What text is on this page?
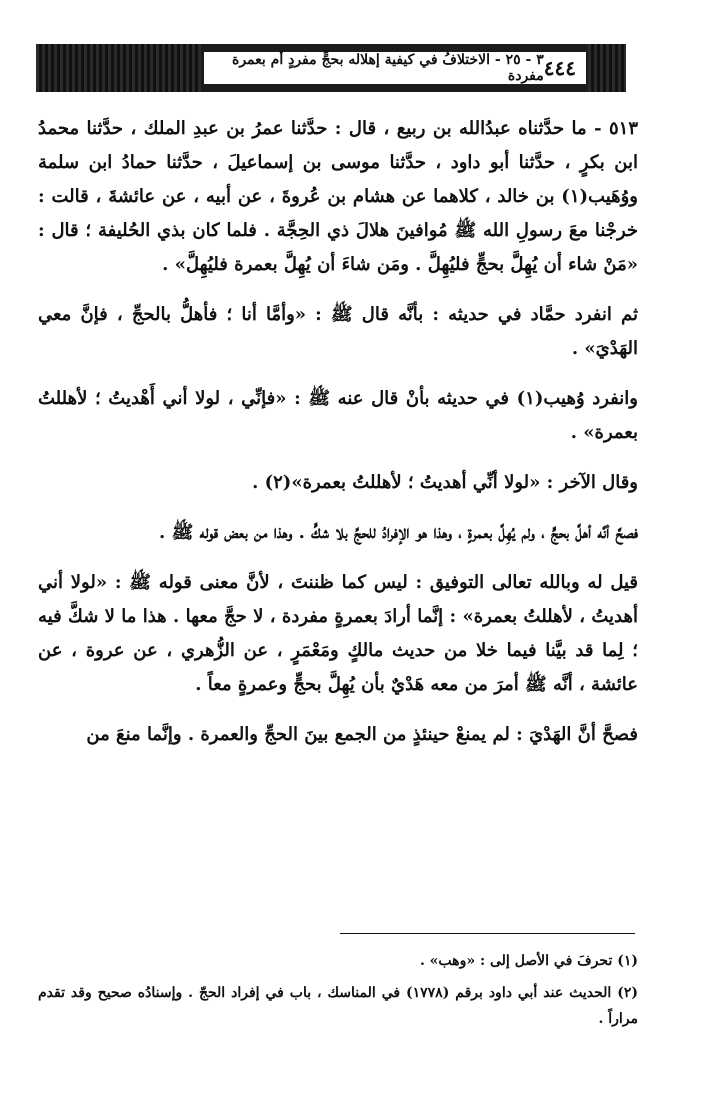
٤٤٤
٣ - ٢٥ - الاختلافُ في كيفية إهلاله بحجٍّ مفردٍ أم بعمرة مفردة

٥١٣ - ما حدَّثناه عبدُالله بن ربيع ، قال : حدَّثنا عمرُ بن عبدِ الملك ، حدَّثنا محمدُ ابن بكرٍ ، حدَّثنا أبو داود ، حدَّثنا موسى بن إسماعيلَ ، حدَّثنا حمادُ ابن سلمة ووُهَيب(١) بن خالد ، كلاهما عن هشام بن عُروةَ ، عن أبيه ، عن عائشةَ ، قالت : خرجْنا معَ رسولِ الله ﷺ مُوافينَ هلالَ ذي الحِجَّة . فلما كان بذي الحُليفة ؛ قال : «مَنْ شاء أن يُهِلَّ بحجٍّ فليُهِلَّ . ومَن شاءَ أن يُهِلَّ بعمرة فليُهِلَّ» .

ثم انفرد حمَّاد في حديثه : بأنَّه قال ﷺ : «وأمَّا أنا ؛ فأهلُّ بالحجِّ ، فإنَّ معي الهَدْيَ» .

وانفرد وُهيب(١) في حديثه بأنْ قال عنه ﷺ : «فإنِّي ، لولا أني أَهْديتُ ؛ لأهللتُ بعمرة» .

وقال الآخر : «لولا أنِّي أهديتُ ؛ لأهللتُ بعمرة»(٢) .

فصحَّ أنَّه أهلَّ بحجٍّ ، ولم يُهِلَّ بعمرةٍ ، وهذا هو الإفرادُ للحجِّ بلا شكٍّ . وهذا من بعض قوله ﷺ .

قيل له وبالله تعالى التوفيق : ليس كما ظننتَ ، لأنَّ معنى قوله ﷺ : «لولا أني أهديتُ ، لأهللتُ بعمرة» : إنَّما أرادَ بعمرةٍ مفردة ، لا حجَّ معها . هذا ما لا شكَّ فيه ؛ لِما قد بيَّنا فيما خلا من حديث مالكٍ ومَعْمَرٍ ، عن الزُّهري ، عن عروة ، عن عائشة ، أنَّه ﷺ أمرَ من معه هَدْيٌ بأن يُهِلَّ بحجٍّ وعمرةٍ معاً .

فصحَّ أنَّ الهَدْيَ : لم يمنعْ حينئذٍ من الجمع بينَ الحجِّ والعمرة . وإنَّما منعَ من

(١) تحرفَ في الأصل إلى : «وهب» .

(٢) الحديث عند أبي داود برقم (١٧٧٨) في المناسك ، باب في إفراد الحجّ . وإسنادُه صحيح وقد تقدم مراراً .
